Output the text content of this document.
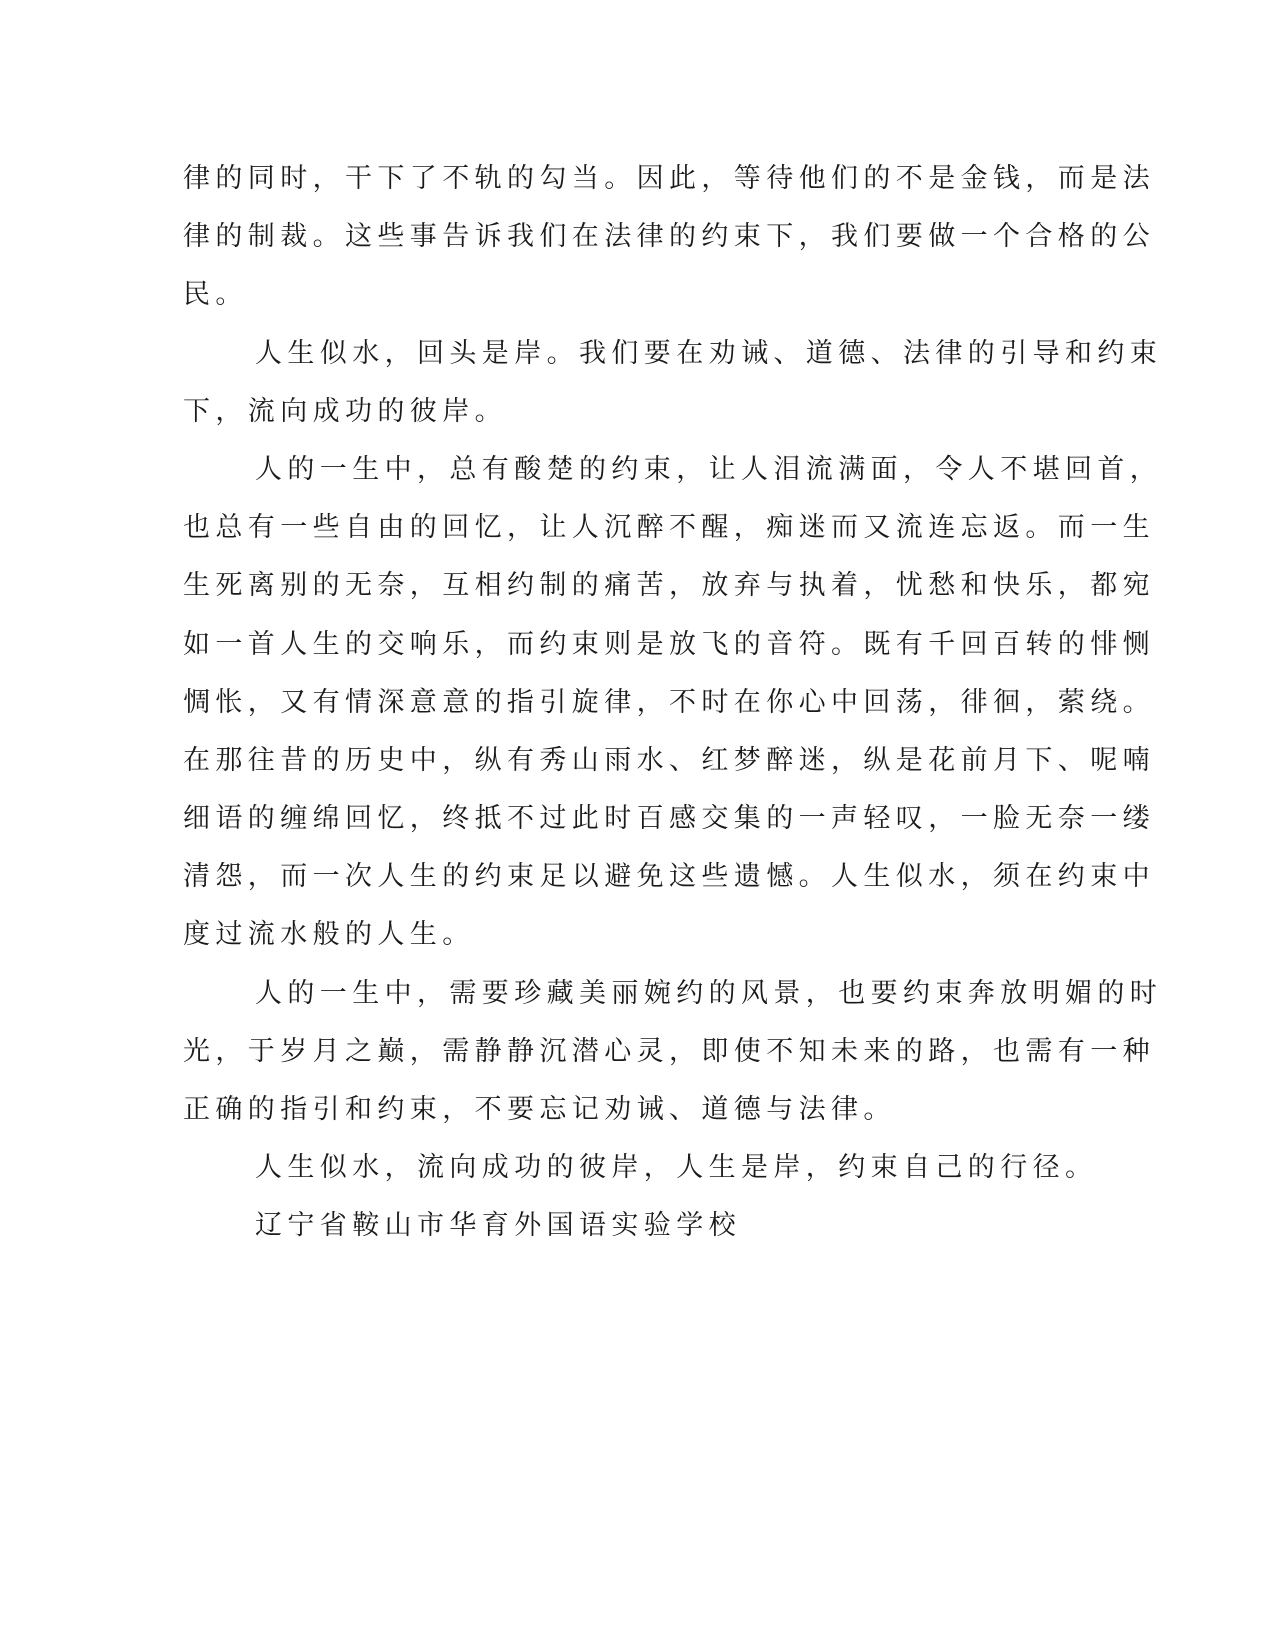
律的同时，干下了不轨的勾当。因此，等待他们的不是金钱，而是法
律的制裁。这些事告诉我们在法律的约束下，我们要做一个合格的公
民。
人生似水，回头是岸。我们要在劝诫、道德、法律的引导和约束
下，流向成功的彼岸。
人的一生中，总有酸楚的约束，让人泪流满面，令人不堪回首，
也总有一些自由的回忆，让人沉醉不醒，痴迷而又流连忘返。而一生
生死离别的无奈，互相约制的痛苦，放弃与执着，忧愁和快乐，都宛
如一首人生的交响乐，而约束则是放飞的音符。既有千回百转的悱恻
惆怅，又有情深意意的指引旋律，不时在你心中回荡，徘徊，萦绕。
在那往昔的历史中，纵有秀山雨水、红梦醉迷，纵是花前月下、呢喃
细语的缠绵回忆，终抵不过此时百感交集的一声轻叹，一脸无奈一缕
清怨，而一次人生的约束足以避免这些遗憾。人生似水，须在约束中
度过流水般的人生。
人的一生中，需要珍藏美丽婉约的风景，也要约束奔放明媚的时
光，于岁月之巅，需静静沉潜心灵，即使不知未来的路，也需有一种
正确的指引和约束，不要忘记劝诫、道德与法律。
人生似水，流向成功的彼岸，人生是岸，约束自己的行径。
辽宁省鞍山市华育外国语实验学校
